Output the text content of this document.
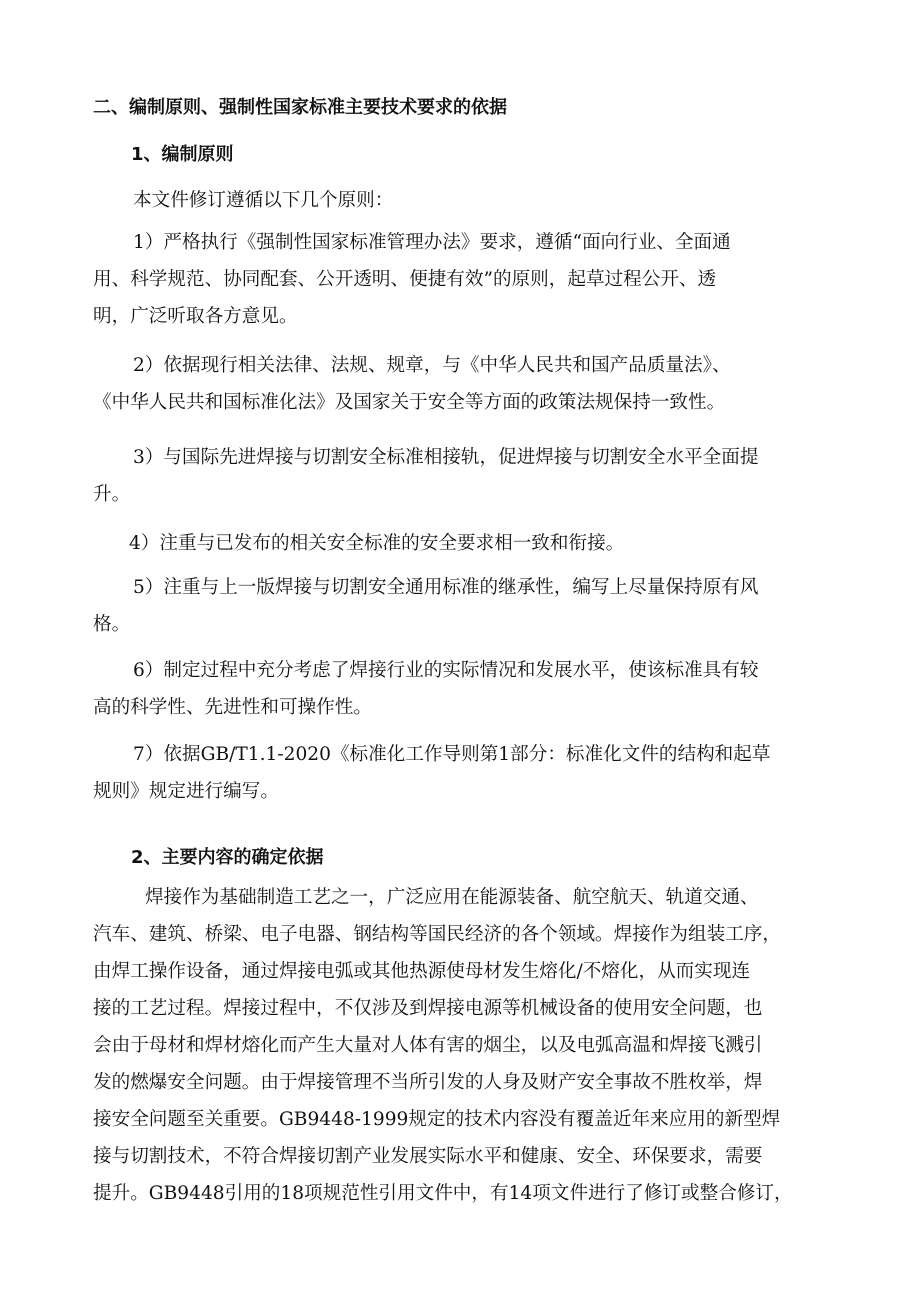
二、编制原则、强制性国家标准主要技术要求的依据
1、编制原则
本文件修订遵循以下几个原则：
1）严格执行《强制性国家标准管理办法》要求，遵循“面向行业、全面通
用、科学规范、协同配套、公开透明、便捷有效”的原则，起草过程公开、透
明，广泛听取各方意见。
2）依据现行相关法律、法规、规章，与《中华人民共和国产品质量法》、
《中华人民共和国标准化法》及国家关于安全等方面的政策法规保持一致性。
3）与国际先进焊接与切割安全标准相接轨，促进焊接与切割安全水平全面提
升。
4）注重与已发布的相关安全标准的安全要求相一致和衔接。
5）注重与上一版焊接与切割安全通用标准的继承性，编写上尽量保持原有风
格。
6）制定过程中充分考虑了焊接行业的实际情况和发展水平，使该标准具有较
高的科学性、先进性和可操作性。
7）依据GB/T1.1-2020《标准化工作导则第1部分：标准化文件的结构和起草
规则》规定进行编写。
2、主要内容的确定依据
焊接作为基础制造工艺之一，广泛应用在能源装备、航空航天、轨道交通、
汽车、建筑、桥梁、电子电器、钢结构等国民经济的各个领域。焊接作为组装工序，
由焊工操作设备，通过焊接电弧或其他热源使母材发生熔化/不熔化，从而实现连
接的工艺过程。焊接过程中，不仅涉及到焊接电源等机械设备的使用安全问题，也
会由于母材和焊材熔化而产生大量对人体有害的烟尘，以及电弧高温和焊接飞溅引
发的燃爆安全问题。由于焊接管理不当所引发的人身及财产安全事故不胜枚举，焊
接安全问题至关重要。GB9448-1999规定的技术内容没有覆盖近年来应用的新型焊
接与切割技术，不符合焊接切割产业发展实际水平和健康、安全、环保要求，需要
提升。GB9448引用的18项规范性引用文件中，有14项文件进行了修订或整合修订，
